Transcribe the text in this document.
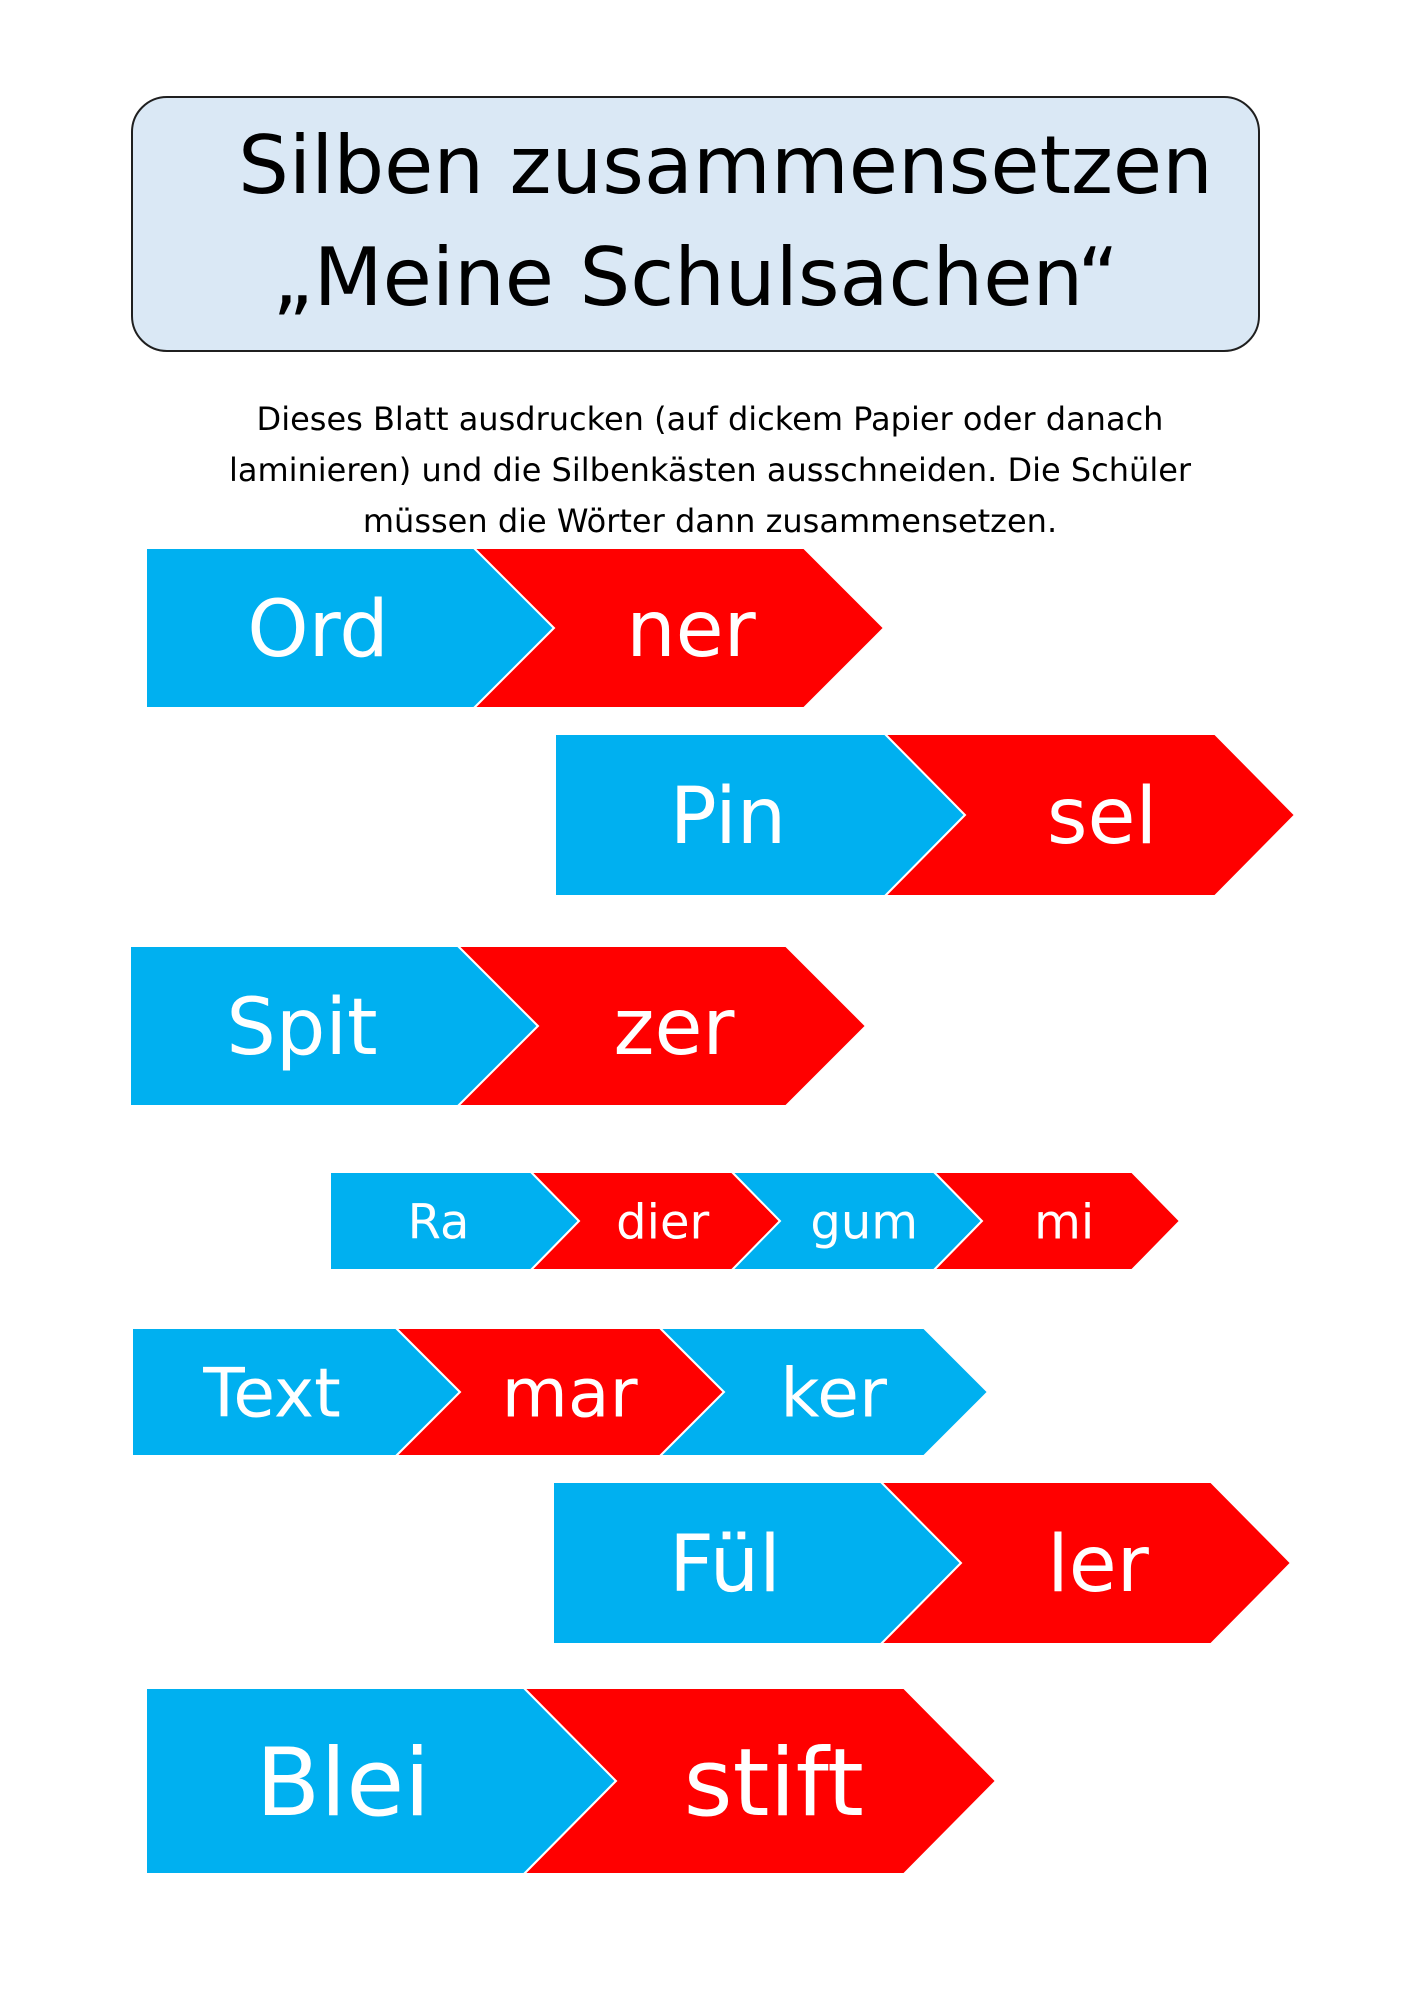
Silben zusammensetzen
„Meine Schulsachen“
Dieses Blatt ausdrucken (auf dickem Papier oder danach
laminieren) und die Silbenkästen ausschneiden. Die Schüler
müssen die Wörter dann zusammensetzen.
Ord	ner
Pin	sel
Spit	zer
Ra	dier gum mi
Text mar ker
Fül	ler
Blei	stift
